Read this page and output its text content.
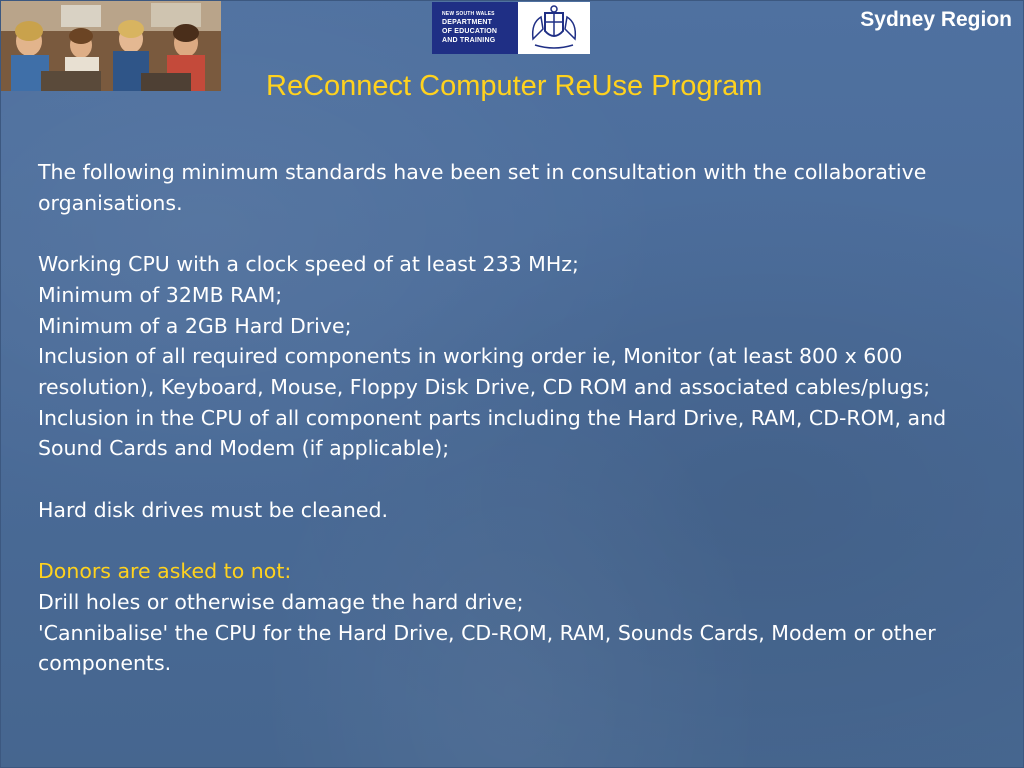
NEW SOUTH WALES
DEPARTMENT
OF EDUCATION
AND TRAINING
Sydney Region
ReConnect Computer ReUse Program

The following minimum standards have been set in consultation with the collaborative organisations.

Working CPU with a clock speed of at least 233 MHz;

Minimum of 32MB RAM;

Minimum of a 2GB Hard Drive;

Inclusion of all required components in working order ie, Monitor (at least 800 x 600 resolution), Keyboard, Mouse, Floppy Disk Drive, CD ROM and associated cables/plugs;

Inclusion in the CPU of all component parts including the Hard Drive, RAM, CD-ROM, and Sound Cards and Modem (if applicable);

Hard disk drives must be cleaned.

Donors are asked to not:

Drill holes or otherwise damage the hard drive;

'Cannibalise' the CPU for the Hard Drive, CD-ROM, RAM, Sounds Cards, Modem or other components.
